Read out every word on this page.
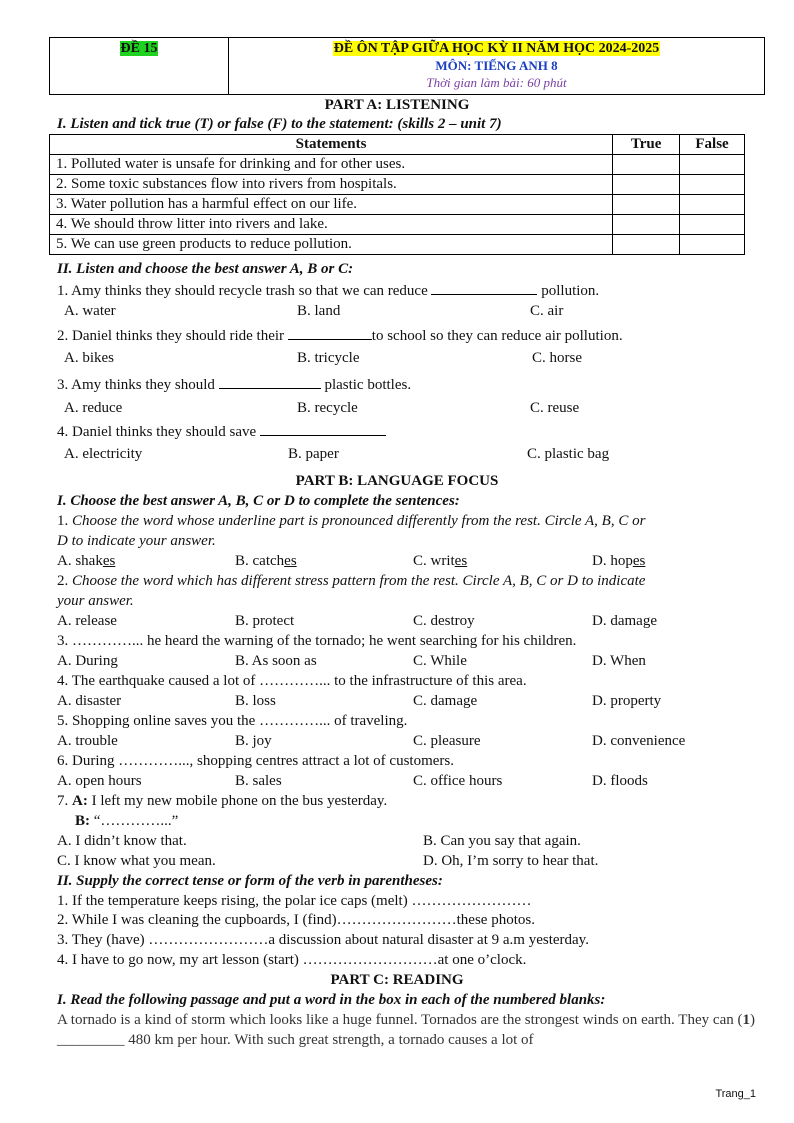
ĐỀ 15	ĐỀ ÔN TẬP GIỮA HỌC KỲ II NĂM HỌC 2024-2025
MÔN: TIẾNG ANH 8
Thời gian làm bài: 60 phút
PART A: LISTENING
I. Listen and tick true (T) or false (F) to the statement: (skills 2 – unit 7)
Statements	True	False
1. Polluted water is unsafe for drinking and for other uses.		
2. Some toxic substances flow into rivers from hospitals.		
3. Water pollution has a harmful effect on our life.		
4. We should throw litter into rivers and lake.		
5. We can use green products to reduce pollution.		
II. Listen and choose the best answer A, B or C:
1. Amy thinks they should recycle trash so that we can reduce	pollution.
A. water	B. land	C. air
2. Daniel thinks they should ride their	to school so they can reduce air pollution.
A. bikes	B. tricycle	C. horse
3. Amy thinks they should	plastic bottles.
A. reduce	B. recycle	C. reuse
4. Daniel thinks they should save
A. electricity	B. paper	C. plastic bag
PART B: LANGUAGE FOCUS
I. Choose the best answer A, B, C or D to complete the sentences:
1. Choose the word whose underline part is pronounced differently from the rest. Circle A, B, C or
D to indicate your answer.
A. shakes	B. catches	C. writes	D. hopes
2. Choose the word which has different stress pattern from the rest. Circle A, B, C or D to indicate
your answer.
A. release	B. protect	C. destroy	D. damage
3. …………... he heard the warning of the tornado; he went searching for his children.
A. During	B. As soon as	C. While	D. When
4. The earthquake caused a lot of …………... to the infrastructure of this area.
A. disaster	B. loss	C. damage	D. property
5. Shopping online saves you the …………... of traveling.
A. trouble	B. joy	C. pleasure	D. convenience
6. During …………..., shopping centres attract a lot of customers.
A. open hours	B. sales	C. office hours	D. floods
7. A: I left my new mobile phone on the bus yesterday.
B: “…………...”
A. I didn’t know that.	B. Can you say that again.
C. I know what you mean.	D. Oh, I’m sorry to hear that.
II. Supply the correct tense or form of the verb in parentheses:
1. If the temperature keeps rising, the polar ice caps (melt) ……………………
2. While I was cleaning the cupboards, I (find)……………………these photos.
3. They (have) ……………………a discussion about natural disaster at 9 a.m yesterday.
4. I have to go now, my art lesson (start) ………………………at one o’clock.
PART C: READING
I. Read the following passage and put a word in the box in each of the numbered blanks:
A tornado is a kind of storm which looks like a huge funnel. Tornados are the strongest winds on earth. They can (1) _________ 480 km per hour. With such great strength, a tornado causes a lot of
Trang_1
